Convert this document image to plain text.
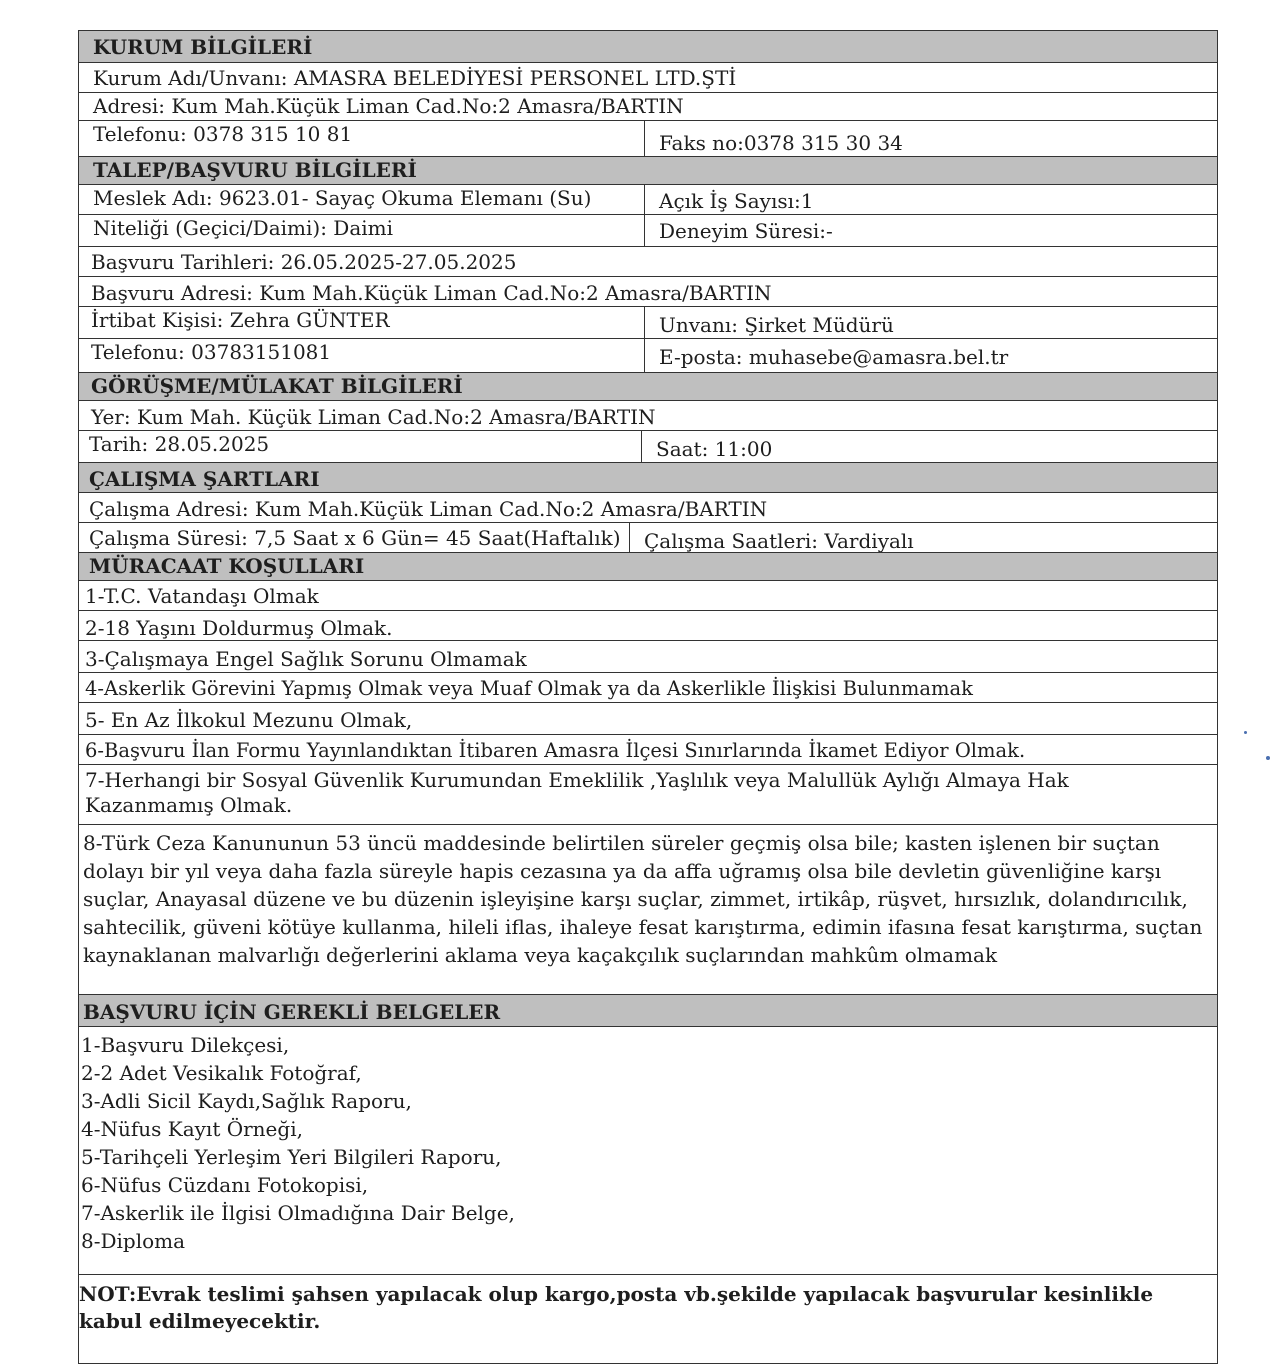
KURUM BİLGİLERİ
Kurum Adı/Unvanı: AMASRA BELEDİYESİ PERSONEL LTD.ŞTİ
Adresi: Kum Mah.Küçük Liman Cad.No:2 Amasra/BARTIN
Telefonu: 0378 315 10 81	Faks no:0378 315 30 34
TALEP/BAŞVURU BİLGİLERİ
Meslek Adı: 9623.01- Sayaç Okuma Elemanı (Su)	Açık İş Sayısı:1
Niteliği (Geçici/Daimi): Daimi	Deneyim Süresi:-
Başvuru Tarihleri: 26.05.2025-27.05.2025
Başvuru Adresi: Kum Mah.Küçük Liman Cad.No:2 Amasra/BARTIN
İrtibat Kişisi: Zehra GÜNTER	Unvanı: Şirket Müdürü
Telefonu: 03783151081	E-posta: muhasebe@amasra.bel.tr
GÖRÜŞME/MÜLAKAT BİLGİLERİ
Yer: Kum Mah. Küçük Liman Cad.No:2 Amasra/BARTIN
Tarih: 28.05.2025	Saat: 11:00
ÇALIŞMA ŞARTLARI
Çalışma Adresi: Kum Mah.Küçük Liman Cad.No:2 Amasra/BARTIN
Çalışma Süresi: 7,5 Saat x 6 Gün= 45 Saat(Haftalık)	Çalışma Saatleri: Vardiyalı
MÜRACAAT KOŞULLARI
1-T.C. Vatandaşı Olmak
2-18 Yaşını Doldurmuş Olmak.
3-Çalışmaya Engel Sağlık Sorunu Olmamak
4-Askerlik Görevini Yapmış Olmak veya Muaf Olmak ya da Askerlikle İlişkisi Bulunmamak
5- En Az İlkokul Mezunu Olmak,
6-Başvuru İlan Formu Yayınlandıktan İtibaren Amasra İlçesi Sınırlarında İkamet Ediyor Olmak.
7-Herhangi bir Sosyal Güvenlik Kurumundan Emeklilik ,Yaşlılık veya Malullük Aylığı Almaya Hak Kazanmamış Olmak.
8-Türk Ceza Kanununun 53 üncü maddesinde belirtilen süreler geçmiş olsa bile; kasten işlenen bir suçtan dolayı bir yıl veya daha fazla süreyle hapis cezasına ya da affa uğramış olsa bile devletin güvenliğine karşı suçlar, Anayasal düzene ve bu düzenin işleyişine karşı suçlar, zimmet, irtikâp, rüşvet, hırsızlık, dolandırıcılık, sahtecilik, güveni kötüye kullanma, hileli iflas, ihaleye fesat karıştırma, edimin ifasına fesat karıştırma, suçtan kaynaklanan malvarlığı değerlerini aklama veya kaçakçılık suçlarından mahkûm olmamak
BAŞVURU İÇİN GEREKLİ BELGELER
1-Başvuru Dilekçesi,
2-2 Adet Vesikalık Fotoğraf,
3-Adli Sicil Kaydı,Sağlık Raporu,
4-Nüfus Kayıt Örneği,
5-Tarihçeli Yerleşim Yeri Bilgileri Raporu,
6-Nüfus Cüzdanı Fotokopisi,
7-Askerlik ile İlgisi Olmadığına Dair Belge,
8-Diploma
NOT:Evrak teslimi şahsen yapılacak olup kargo,posta vb.şekilde yapılacak başvurular kesinlikle kabul edilmeyecektir.
